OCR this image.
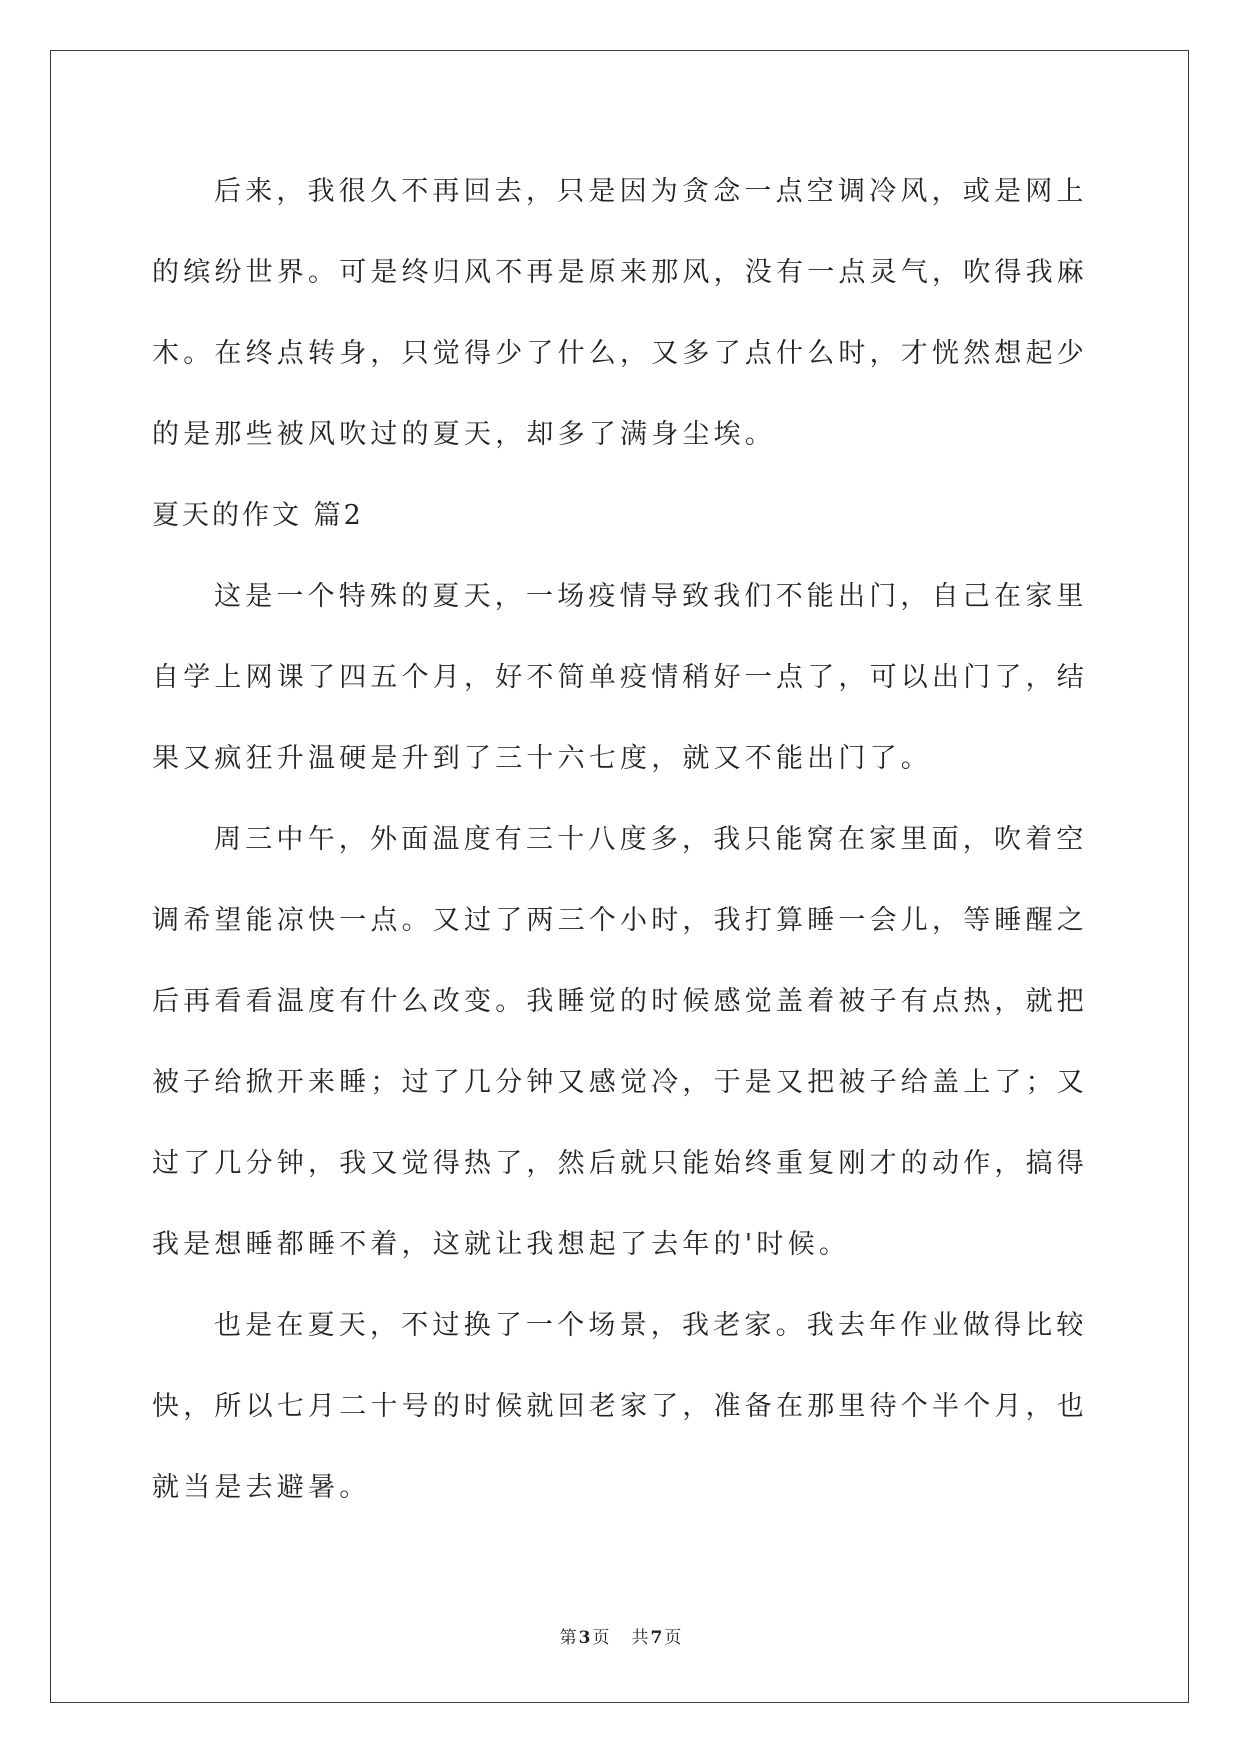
后来，我很久不再回去，只是因为贪念一点空调冷风，或是网上
的缤纷世界。可是终归风不再是原来那风，没有一点灵气，吹得我麻
木。在终点转身，只觉得少了什么，又多了点什么时，才恍然想起少
的是那些被风吹过的夏天，却多了满身尘埃。
夏天的作文 篇2
这是一个特殊的夏天，一场疫情导致我们不能出门，自己在家里
自学上网课了四五个月，好不简单疫情稍好一点了，可以出门了，结
果又疯狂升温硬是升到了三十六七度，就又不能出门了。
周三中午，外面温度有三十八度多，我只能窝在家里面，吹着空
调希望能凉快一点。又过了两三个小时，我打算睡一会儿，等睡醒之
后再看看温度有什么改变。我睡觉的时候感觉盖着被子有点热，就把
被子给掀开来睡；过了几分钟又感觉冷，于是又把被子给盖上了；又
过了几分钟，我又觉得热了，然后就只能始终重复刚才的动作，搞得
我是想睡都睡不着，这就让我想起了去年的'时候。
也是在夏天，不过换了一个场景，我老家。我去年作业做得比较
快，所以七月二十号的时候就回老家了，准备在那里待个半个月，也
就当是去避暑。
第 3 页 共 7 页
